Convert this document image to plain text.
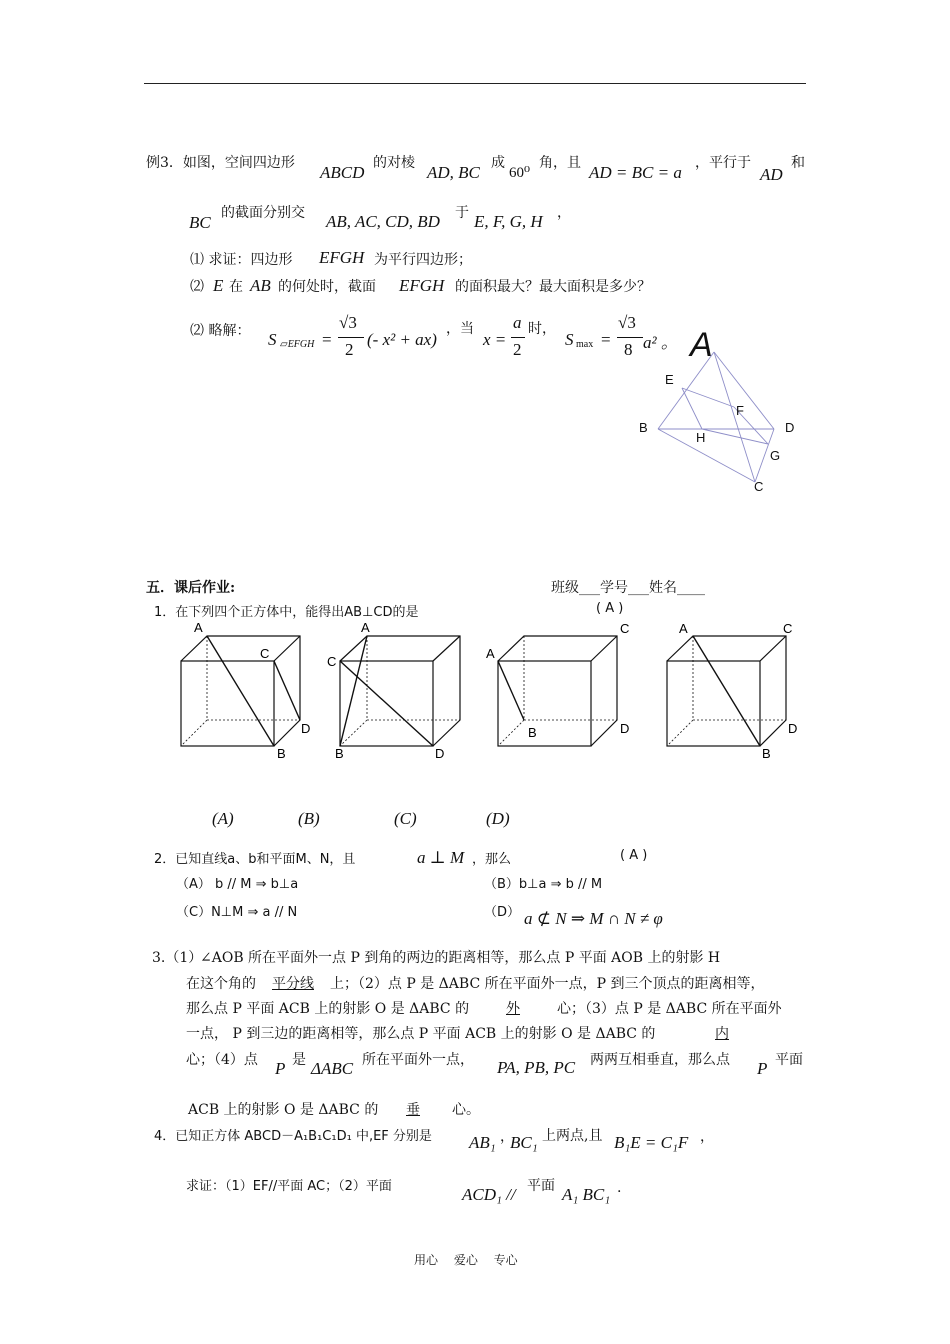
例3．如图，空间四边形 ABCD 的对棱 AD, BC 成
60⁰
角，且 AD = BC = a ，平行于
AD
和
BC 的截面分别交 AB, AC, CD, BD 于 E, F, G, H ，
⑴ 求证：四边形 EFGH 为平行四边形；
⑵ E 在 AB 的何处时，截面 EFGH 的面积最大？最大面积是多少？
⑵ 略解： S ▱EFGH =
√3
2
(- x² + ax)
，当
x =
a
2
时，
S max =
√3
8 a² 。 A
E
F
B
H
D
G
C
五．课后作业:	班级___学号___姓名____
1．在下列四个正方体中，能得出AB⊥CD的是	( A )
A
C
D
B
A
C
B	D
C
A
B	D
A	C
D
B
(A)	(B)	(C)	(D)
2．已知直线a、b和平面M、N，且	a ⊥ M ，那么	( A )
（A） b // M ⇒ b⊥a	（B）b⊥a ⇒ b // M
（C）N⊥M ⇒ a // N	（D） a ⊄ N ⇒ M ∩ N ≠ φ
3.（1）
∠AOB 所在平面外一点 P 到角的两边的距离相等，那么点 P 平面 AOB 上的射影 H
在这个角的 平分线 上；（2）点 P 是 ΔABC 所在平面外一点，P 到三个顶点的距离相等，
那么点 P 平面 ACB 上的射影 O 是 ΔABC 的	外	心；（3）点 P 是 ΔABC 所在平面外
一点， P 到三边的距离相等，那么点 P 平面 ACB 上的射影 O 是 ΔABC 的	内
心；（4）点 P 是 ΔABC 所在平面外一点， PA, PB, PC 两两互相垂直，那么点 P 平面
ACB 上的射影 O 是 ΔABC 的 垂 心。
4．已知正方体 ABCD－A₁B₁C₁D₁ 中,EF 分别是 AB₁ ，
BC₁ 上两点,且 B₁E = C₁F ，
求证：（1）EF//平面 AC；（2）平面	ACD₁ // 平面 A₁ BC₁ .
用心　 爱心　 专心
